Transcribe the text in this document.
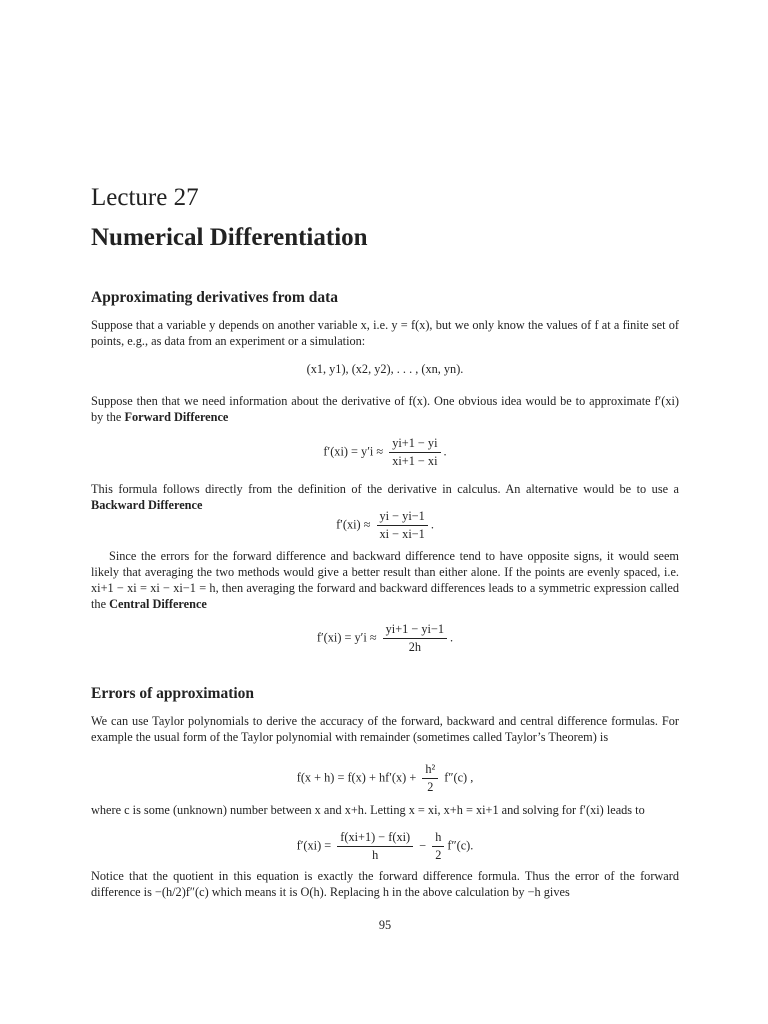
Lecture 27
Numerical Differentiation
Approximating derivatives from data

Suppose that a variable y depends on another variable x, i.e. y = f(x), but we only know the values of f at a finite set of points, e.g., as data from an experiment or a simulation:

(x1, y1), (x2, y2), . . . , (xn, yn).

Suppose then that we need information about the derivative of f(x). One obvious idea would be to approximate f′(xi) by the Forward Difference

$f'(xi) = y'i \approx \frac{yi+1 - yi}{xi+1 - xi}$ .

This formula follows directly from the definition of the derivative in calculus. An alternative would be to use a Backward Difference

$f'(xi) \approx \frac{yi - yi-1}{xi - xi-1}$ .

Since the errors for the forward difference and backward difference tend to have opposite signs, it would seem likely that averaging the two methods would give a better result than either alone. If the points are evenly spaced, i.e. xi+1 − xi = xi − xi−1 = h, then averaging the forward and backward differences leads to a symmetric expression called the Central Difference

$f'(xi) = y'i \approx \frac{yi+1 - yi-1}{2h}$ .
Errors of approximation

We can use Taylor polynomials to derive the accuracy of the forward, backward and central difference formulas. For example the usual form of the Taylor polynomial with remainder (sometimes called Taylor’s Theorem) is

$f(x + h) = f(x) + hf'(x) + \frac{\text{h²}}{2} f''(c)$ ,

where c is some (unknown) number between x and x+h. Letting x = xi, x+h = xi+1 and solving for f′(xi) leads to

$f'(xi) = \frac{f(xi+1) - f(xi)}{h} - \frac{h}{2} f''(c)$.

Notice that the quotient in this equation is exactly the forward difference formula. Thus the error of the forward difference is −(h/2)f″(c) which means it is O(h). Replacing h in the above calculation by −h gives

95
